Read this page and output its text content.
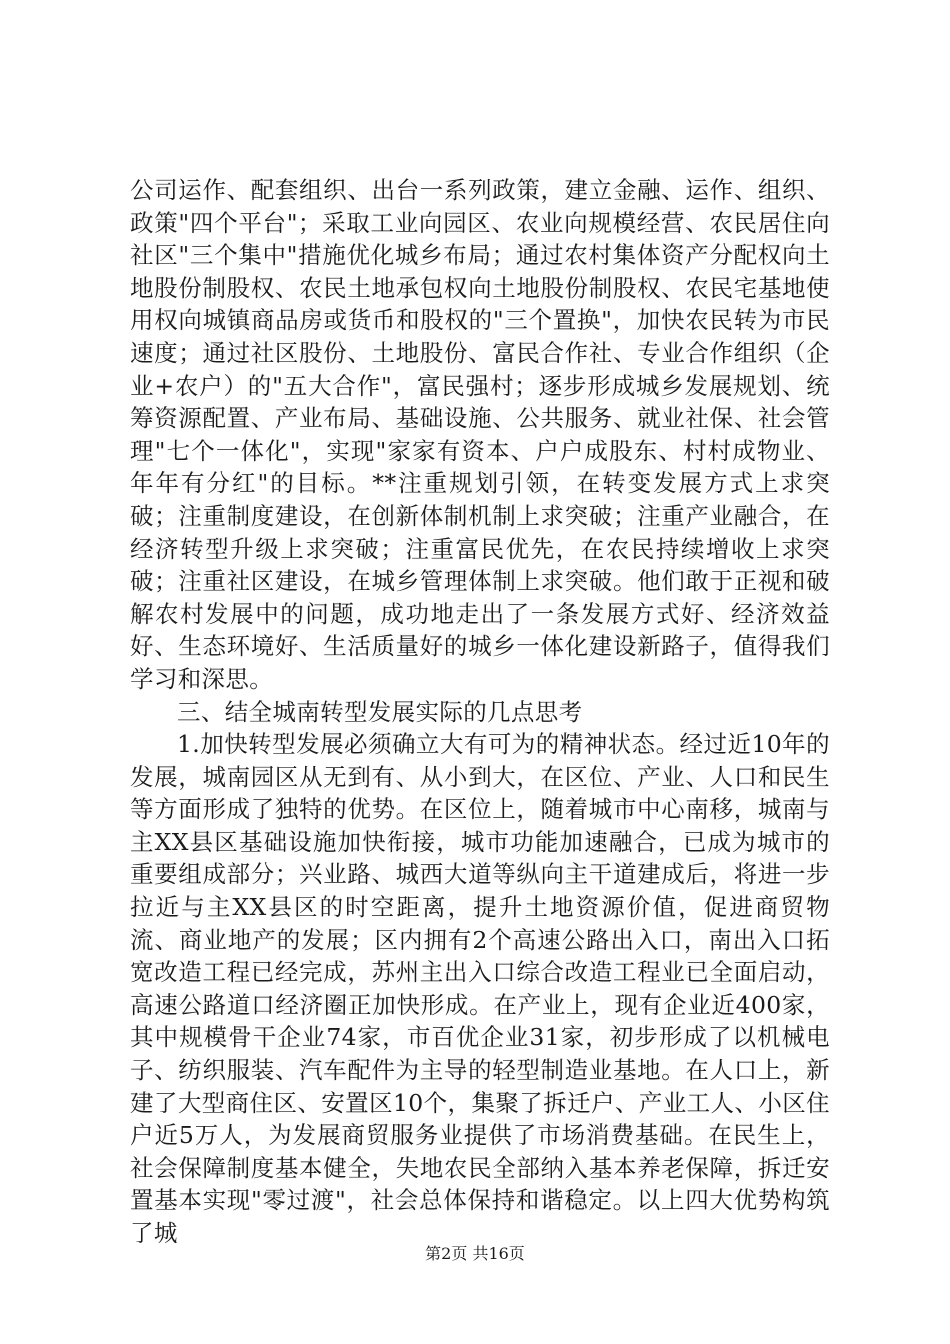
公司运作、配套组织、出台一系列政策，建立金融、运作、组织、政策"四个平台"；采取工业向园区、农业向规模经营、农民居住向社区"三个集中"措施优化城乡布局；通过农村集体资产分配权向土地股份制股权、农民土地承包权向土地股份制股权、农民宅基地使用权向城镇商品房或货币和股权的"三个置换"，加快农民转为市民速度；通过社区股份、土地股份、富民合作社、专业合作组织（企业+农户）的"五大合作"，富民强村；逐步形成城乡发展规划、统筹资源配置、产业布局、基础设施、公共服务、就业社保、社会管理"七个一体化"，实现"家家有资本、户户成股东、村村成物业、年年有分红"的目标。**注重规划引领，在转变发展方式上求突破；注重制度建设，在创新体制机制上求突破；注重产业融合，在经济转型升级上求突破；注重富民优先，在农民持续增收上求突破；注重社区建设，在城乡管理体制上求突破。他们敢于正视和破解农村发展中的问题，成功地走出了一条发展方式好、经济效益好、生态环境好、生活质量好的城乡一体化建设新路子，值得我们学习和深思。

三、结全城南转型发展实际的几点思考

1.加快转型发展必须确立大有可为的精神状态。经过近10年的发展，城南园区从无到有、从小到大，在区位、产业、人口和民生等方面形成了独特的优势。在区位上，随着城市中心南移，城南与主XX县区基础设施加快衔接，城市功能加速融合，已成为城市的重要组成部分；兴业路、城西大道等纵向主干道建成后，将进一步拉近与主XX县区的时空距离，提升土地资源价值，促进商贸物流、商业地产的发展；区内拥有2个高速公路出入口，南出入口拓宽改造工程已经完成，苏州主出入口综合改造工程业已全面启动，高速公路道口经济圈正加快形成。在产业上，现有企业近400家，其中规模骨干企业74家，市百优企业31家，初步形成了以机械电子、纺织服装、汽车配件为主导的轻型制造业基地。在人口上，新建了大型商住区、安置区10个，集聚了拆迁户、产业工人、小区住户近5万人，为发展商贸服务业提供了市场消费基础。在民生上，社会保障制度基本健全，失地农民全部纳入基本养老保障，拆迁安置基本实现"零过渡"，社会总体保持和谐稳定。以上四大优势构筑了城

第2页 共16页
